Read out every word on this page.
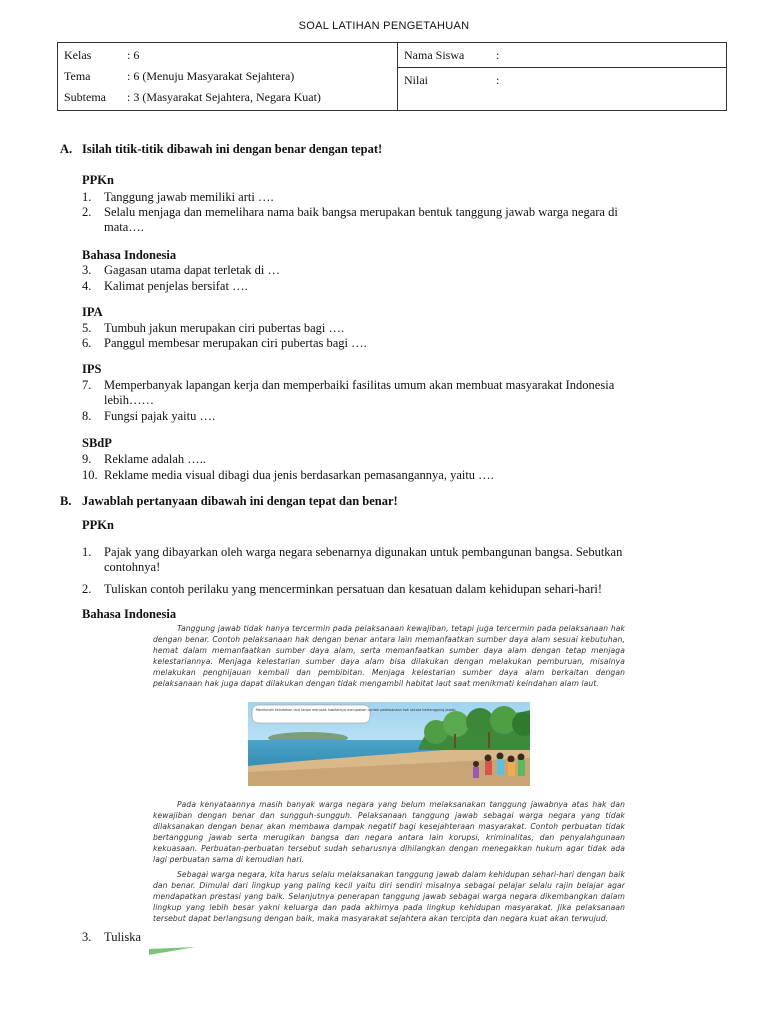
SOAL LATIHAN PENGETAHUAN
Kelas	: 6
Tema	: 6 (Menuju Masyarakat Sejahtera)
Subtema	: 3 (Masyarakat Sejahtera, Negara Kuat)

Nama Siswa	:
Nilai	:
A. Isilah titik-titik dibawah ini dengan benar dengan tepat!
PPKn
1. Tanggung jawab memiliki arti ….
2. Selalu menjaga dan memelihara nama baik bangsa merupakan bentuk tanggung jawab warga negara di
mata….
Bahasa Indonesia
3. Gagasan utama dapat terletak di …
4. Kalimat penjelas bersifat ….
IPA
5. Tumbuh jakun merupakan ciri pubertas bagi ….
6. Panggul membesar merupakan ciri pubertas bagi ….
IPS
7. Memperbanyak lapangan kerja dan memperbaiki fasilitas umum akan membuat masyarakat Indonesia
lebih……
8. Fungsi pajak yaitu ….
SBdP
9. Reklame adalah …..
10. Reklame media visual dibagi dua jenis berdasarkan pemasangannya, yaitu ….
B. Jawablah pertanyaan dibawah ini dengan tepat dan benar!
PPKn
1. Pajak yang dibayarkan oleh warga negara sebenarnya digunakan untuk pembangunan bangsa. Sebutkan
contohnya!
2. Tuliskan contoh perilaku yang mencerminkan persatuan dan kesatuan dalam kehidupan sehari-hari!
Bahasa Indonesia
3. Tuliska
Tanggung jawab tidak hanya tercermin pada pelaksanaan kewajiban, tetapi juga tercermin pada pelaksanaan hak dengan benar. Contoh pelaksanaan hak dengan benar antara lain memanfaatkan sumber daya alam sesuai kebutuhan, hemat dalam memanfaatkan sumber daya alam, serta memanfaatkan sumber daya alam dengan tetap menjaga kelestariannya. Menjaga kelestarian sumber daya alam bisa dilakukan dengan melakukan pemburuan, misalnya melakukan penghijauan kembali dan pembibitan. Menjaga kelestarian sumber daya alam berkaitan dengan pelaksanaan hak juga dapat dilakukan dengan tidak mengambil habitat laut saat menikmati keindahan alam laut.
Menikmati keindahan laut tanpa merusak habitatnya merupakan contoh pelaksanaan hak secara bertanggung jawab
Pada kenyataannya masih banyak warga negara yang belum melaksanakan tanggung jawabnya atas hak dan kewajiban dengan benar dan sungguh-sungguh. Pelaksanaan tanggung jawab sebagai warga negara yang tidak dilaksanakan dengan benar akan membawa dampak negatif bagi kesejahteraan masyarakat. Contoh perbuatan tidak bertanggung jawab serta merugikan bangsa dan negara antara lain korupsi, kriminalitas, dan penyalahgunaan kekuasaan. Perbuatan-perbuatan tersebut sudah seharusnya dihilangkan dengan menegakkan hukum agar tidak ada lagi perbuatan sama di kemudian hari.
Sebagai warga negara, kita harus selalu melaksanakan tanggung jawab dalam kehidupan sehari-hari dengan baik dan benar. Dimulai dari lingkup yang paling kecil yaitu diri sendiri misalnya sebagai pelajar selalu rajin belajar agar mendapatkan prestasi yang baik. Selanjutnya penerapan tanggung jawab sebagai warga negara dikembangkan dalam lingkup yang lebih besar yakni keluarga dan pada akhirnya pada lingkup kehidupan masyarakat. Jika pelaksanaan tersebut dapat berlangsung dengan baik, maka masyarakat sejahtera akan tercipta dan negara kuat akan terwujud.
